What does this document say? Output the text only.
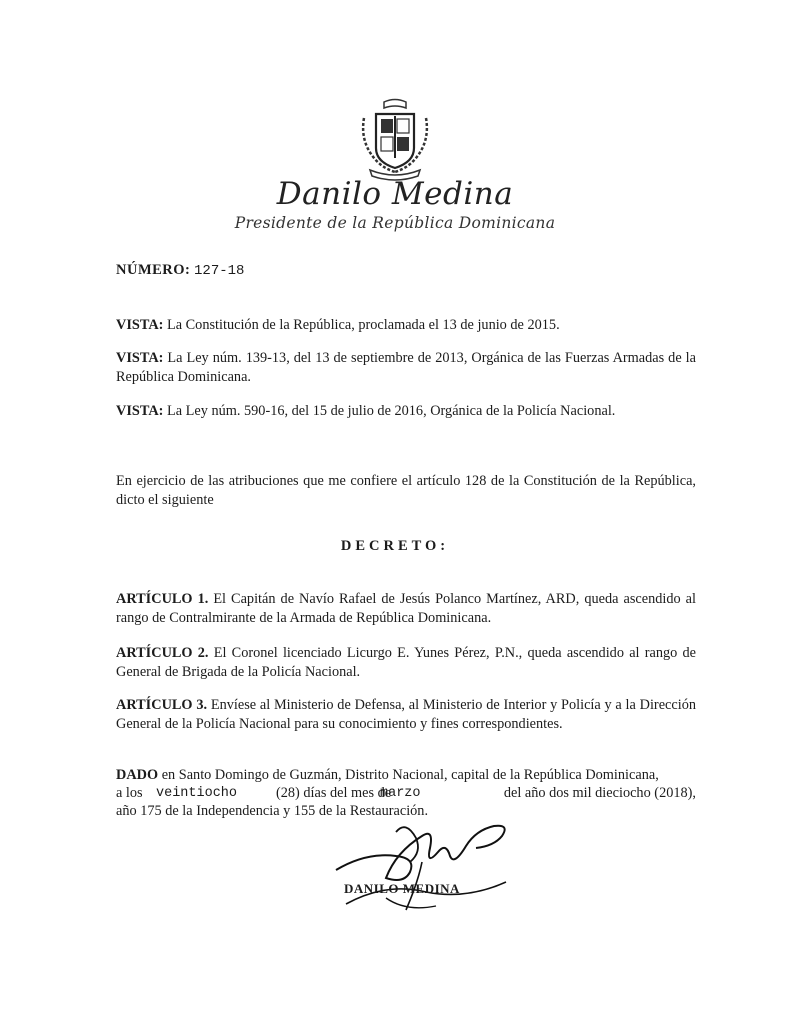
Danilo Medina
Presidente de la República Dominicana
NÚMERO: 127-18
VISTA: La Constitución de la República, proclamada el 13 de junio de 2015.
VISTA: La Ley núm. 139-13, del 13 de septiembre de 2013, Orgánica de las Fuerzas Armadas de la República Dominicana.
VISTA: La Ley núm. 590-16, del 15 de julio de 2016, Orgánica de la Policía Nacional.
En ejercicio de las atribuciones que me confiere el artículo 128 de la Constitución de la República, dicto el siguiente
DECRETO:
ARTÍCULO 1. El Capitán de Navío Rafael de Jesús Polanco Martínez, ARD, queda ascendido al rango de Contralmirante de la Armada de República Dominicana.
ARTÍCULO 2. El Coronel licenciado Licurgo E. Yunes Pérez, P.N., queda ascendido al rango de General de Brigada de la Policía Nacional.
ARTÍCULO 3. Envíese al Ministerio de Defensa, al Ministerio de Interior y Policía y a la Dirección General de la Policía Nacional para su conocimiento y fines correspondientes.
DADO en Santo Domingo de Guzmán, Distrito Nacional, capital de la República Dominicana,
a los veintiocho	(28) días del mes de
marzo	del año dos mil dieciocho (2018),
año 175 de la Independencia y 155 de la Restauración.
DANILO MEDINA
